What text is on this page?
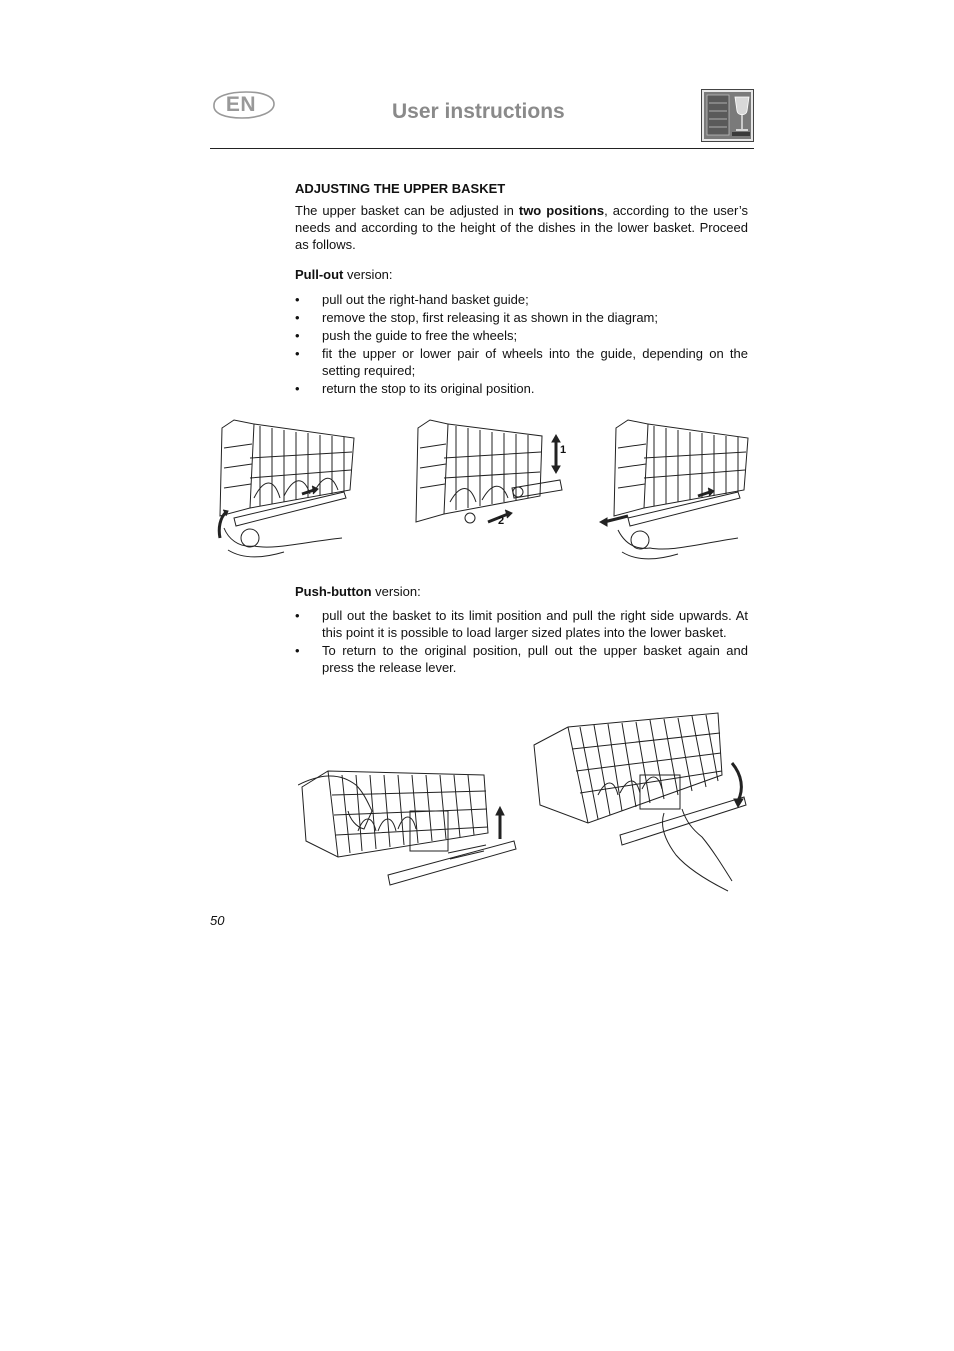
EN	User instructions
ADJUSTING THE UPPER BASKET
The upper basket can be adjusted in two positions, according to the user’s needs and according to the height of the dishes in the lower basket. Proceed as follows.
Pull-out version:
• pull out the right-hand basket guide;
• remove the stop, first releasing it as shown in the diagram;
• push the guide to free the wheels;
• fit the upper or lower pair of wheels into the guide, depending on the setting required;
• return the stop to its original position.
1
2
Push-button version:
• pull out the basket to its limit position and pull the right side upwards. At this point it is possible to load larger sized plates into the lower basket.
• To return to the original position, pull out the upper basket again and press the release lever.
50
